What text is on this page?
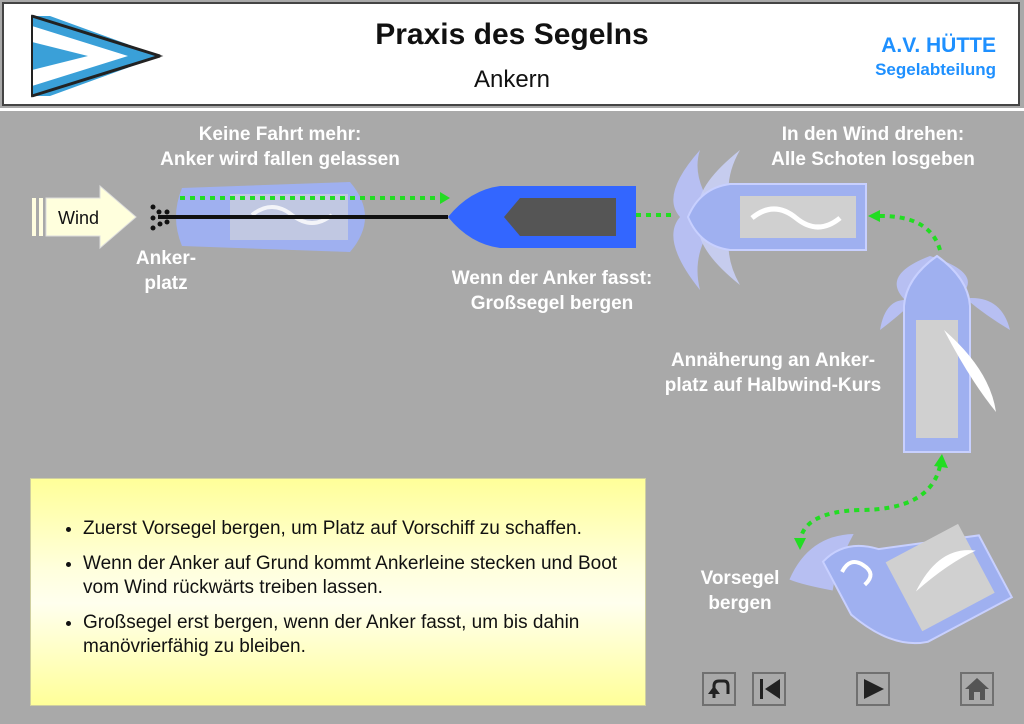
Praxis des Segelns
Ankern
A.V. HÜTTE
Segelabteilung
Wind
Anker-
platz
Keine Fahrt mehr:
Anker wird fallen gelassen
In den Wind drehen:
Alle Schoten losgeben
Wenn der Anker fasst:
Großsegel bergen
Annäherung an Anker-
platz auf Halbwind-Kurs
Vorsegel
bergen
• Zuerst Vorsegel bergen, um Platz auf Vorschiff zu schaffen.
• Wenn der Anker auf Grund kommt Ankerleine stecken und Boot vom Wind rückwärts treiben lassen.
• Großsegel erst bergen, wenn der Anker fasst, um bis dahin manövrierfähig zu bleiben.
